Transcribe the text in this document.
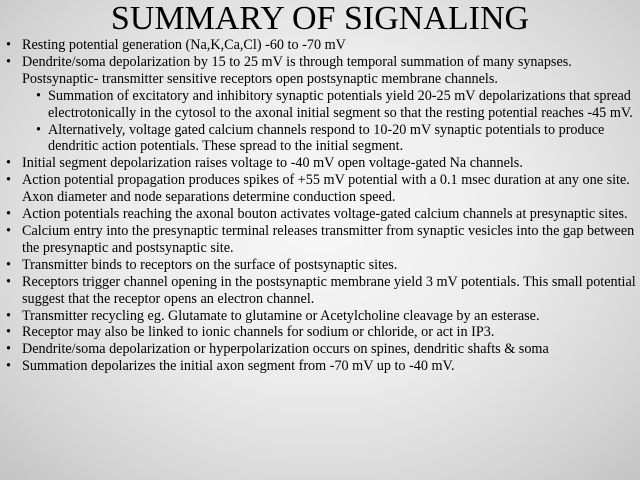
SUMMARY OF SIGNALING
• Resting potential generation (Na,K,Ca,Cl) -60 to -70 mV
• Dendrite/soma depolarization by 15 to 25 mV is through temporal summation of many synapses. Postsynaptic- transmitter sensitive receptors open postsynaptic membrane channels.
• Summation of excitatory and inhibitory synaptic potentials yield 20-25 mV depolarizations that spread electrotonically in the cytosol to the axonal initial segment so that the resting potential reaches -45 mV.
• Alternatively, voltage gated calcium channels respond to 10-20 mV synaptic potentials to produce dendritic action potentials. These spread to the initial segment.
• Initial segment depolarization raises voltage to -40 mV open voltage-gated Na channels.
• Action potential propagation produces spikes of +55 mV potential with a 0.1 msec duration at any one site. Axon diameter and node separations determine conduction speed.
• Action potentials reaching the axonal bouton activates voltage-gated calcium channels at presynaptic sites.
• Calcium entry into the presynaptic terminal releases transmitter from synaptic vesicles into the gap between the presynaptic and postsynaptic site.
• Transmitter binds to receptors on the surface of postsynaptic sites.
• Receptors trigger channel opening in the postsynaptic membrane yield 3 mV potentials. This small potential suggest that the receptor opens an electron channel.
• Transmitter recycling eg. Glutamate to glutamine or Acetylcholine cleavage by an esterase.
• Receptor may also be linked to ionic channels for sodium or chloride, or act in IP3.
• Dendrite/soma depolarization or hyperpolarization occurs on spines, dendritic shafts & soma
• Summation depolarizes the initial axon segment from -70 mV up to -40 mV.
